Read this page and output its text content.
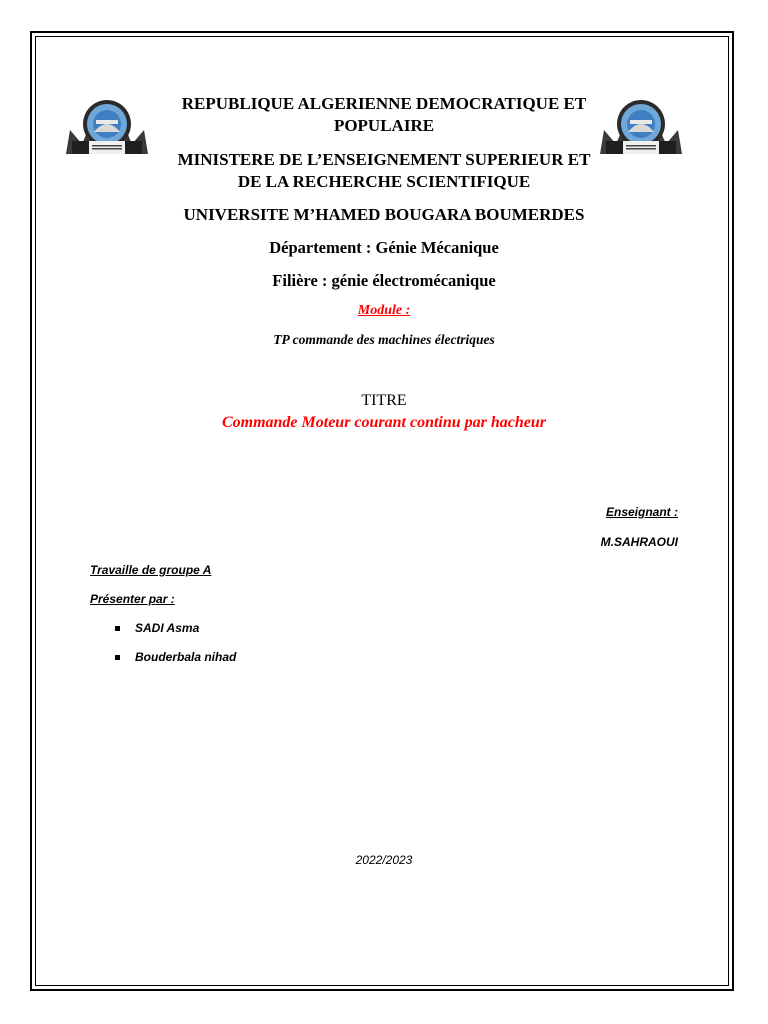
REPUBLIQUE ALGERIENNE DEMOCRATIQUE ET
POPULAIRE
MINISTERE DE L’ENSEIGNEMENT SUPERIEUR ET
DE LA RECHERCHE SCIENTIFIQUE
UNIVERSITE M’HAMED BOUGARA BOUMERDES
Département : Génie Mécanique
Filière : génie électromécanique
Module :
TP commande des machines électriques
TITRE
Commande Moteur courant continu par hacheur
Enseignant :
M.SAHRAOUI
Travaille de groupe A
Présenter par :
SADI Asma
Bouderbala nihad
2022/2023
